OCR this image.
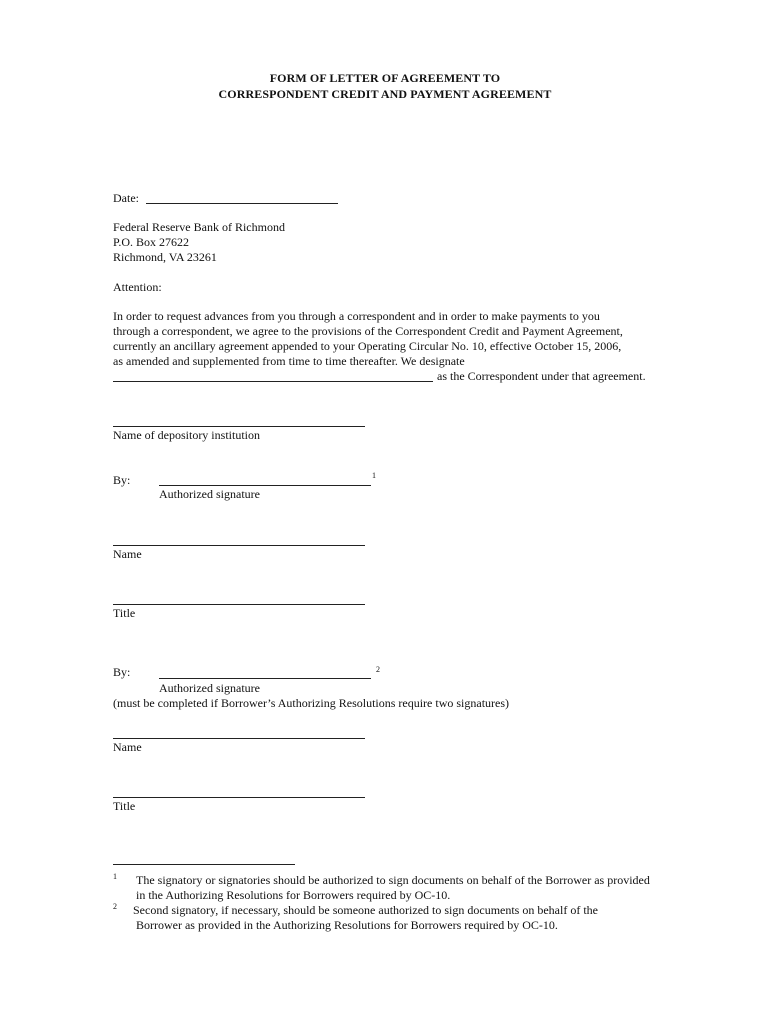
FORM OF LETTER OF AGREEMENT TO
CORRESPONDENT CREDIT AND PAYMENT AGREEMENT
Date:
Federal Reserve Bank of Richmond
P.O. Box 27622
Richmond, VA 23261
Attention:
In order to request advances from you through a correspondent and in order to make payments to you
through a correspondent, we agree to the provisions of the Correspondent Credit and Payment Agreement,
currently an ancillary agreement appended to your Operating Circular No. 10, effective October 15, 2006,
as amended and supplemented from time to time thereafter. We designate
as the Correspondent under that agreement.
Name of depository institution
By:	1
Authorized signature
Name
Title
By:	2
Authorized signature
(must be completed if Borrower’s Authorizing Resolutions require two signatures)
Name
Title
1 The signatory or signatories should be authorized to sign documents on behalf of the Borrower as provided
in the Authorizing Resolutions for Borrowers required by OC-10.
2 Second signatory, if necessary, should be someone authorized to sign documents on behalf of the
Borrower as provided in the Authorizing Resolutions for Borrowers required by OC-10.
